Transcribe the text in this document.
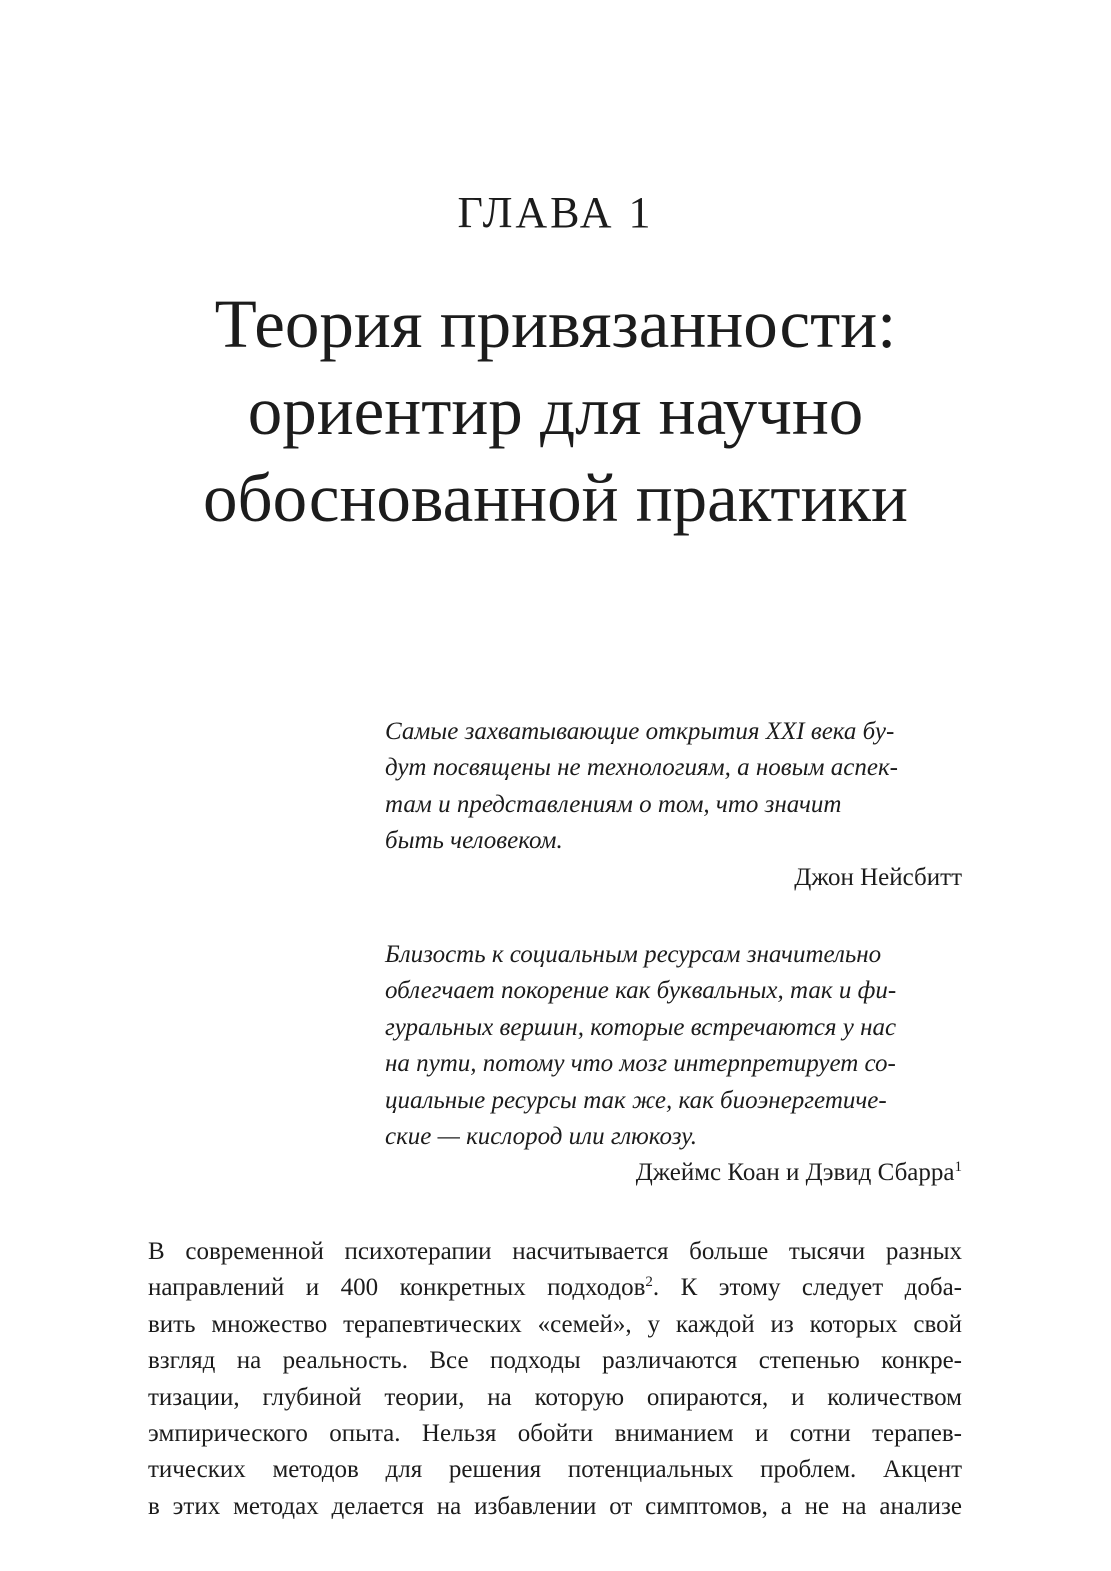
ГЛАВА 1
Теория привязанности:
ориентир для научно
обоснованной практики
Самые захватывающие открытия XXI века бу-
дут посвящены не технологиям, а новым аспек-
там и представлениям о том, что значит
быть человеком.
Джон Нейсбитт
Близость к социальным ресурсам значительно
облегчает покорение как буквальных, так и фи-
гуральных вершин, которые встречаются у нас
на пути, потому что мозг интерпретирует со-
циальные ресурсы так же, как биоэнергетиче-
ские — кислород или глюкозу.
Джеймс Коан и Дэвид Сбарра$^1$
В современной психотерапии насчитывается больше тысячи разных
направлений и 400 конкретных подходов$^2$. К этому следует доба-
вить множество терапевтических «семей», у каждой из которых свой
взгляд на реальность. Все подходы различаются степенью конкре-
тизации, глубиной теории, на которую опираются, и количеством
эмпирического опыта. Нельзя обойти вниманием и сотни терапев-
тических методов для решения потенциальных проблем. Акцент
в этих методах делается на избавлении от симптомов, а не на анализе
